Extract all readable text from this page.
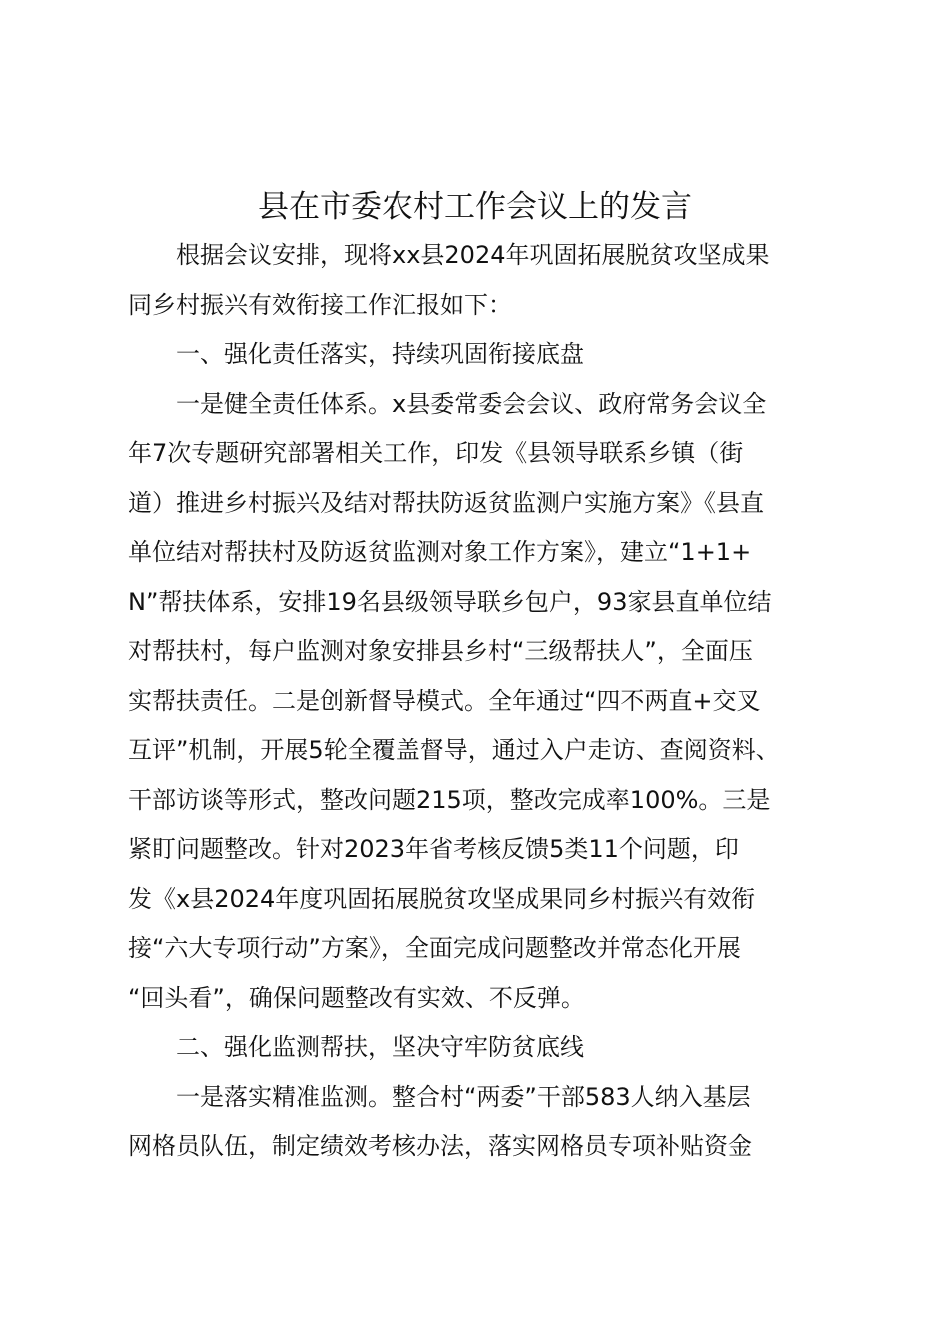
县在市委农村工作会议上的发言
根据会议安排，现将xx县2024年巩固拓展脱贫攻坚成果
同乡村振兴有效衔接工作汇报如下：
一、强化责任落实，持续巩固衔接底盘
一是健全责任体系。x县委常委会会议、政府常务会议全
年7次专题研究部署相关工作，印发《县领导联系乡镇（街
道）推进乡村振兴及结对帮扶防返贫监测户实施方案》《县直
单位结对帮扶村及防返贫监测对象工作方案》，建立“1+1+
N”帮扶体系，安排19名县级领导联乡包户，93家县直单位结
对帮扶村，每户监测对象安排县乡村“三级帮扶人”，全面压
实帮扶责任。二是创新督导模式。全年通过“四不两直+交叉
互评”机制，开展5轮全覆盖督导，通过入户走访、查阅资料、
干部访谈等形式，整改问题215项，整改完成率100%。三是
紧盯问题整改。针对2023年省考核反馈5类11个问题，印
发《x县2024年度巩固拓展脱贫攻坚成果同乡村振兴有效衔
接“六大专项行动”方案》，全面完成问题整改并常态化开展
“回头看”，确保问题整改有实效、不反弹。
二、强化监测帮扶，坚决守牢防贫底线
一是落实精准监测。整合村“两委”干部583人纳入基层
网格员队伍，制定绩效考核办法，落实网格员专项补贴资金
